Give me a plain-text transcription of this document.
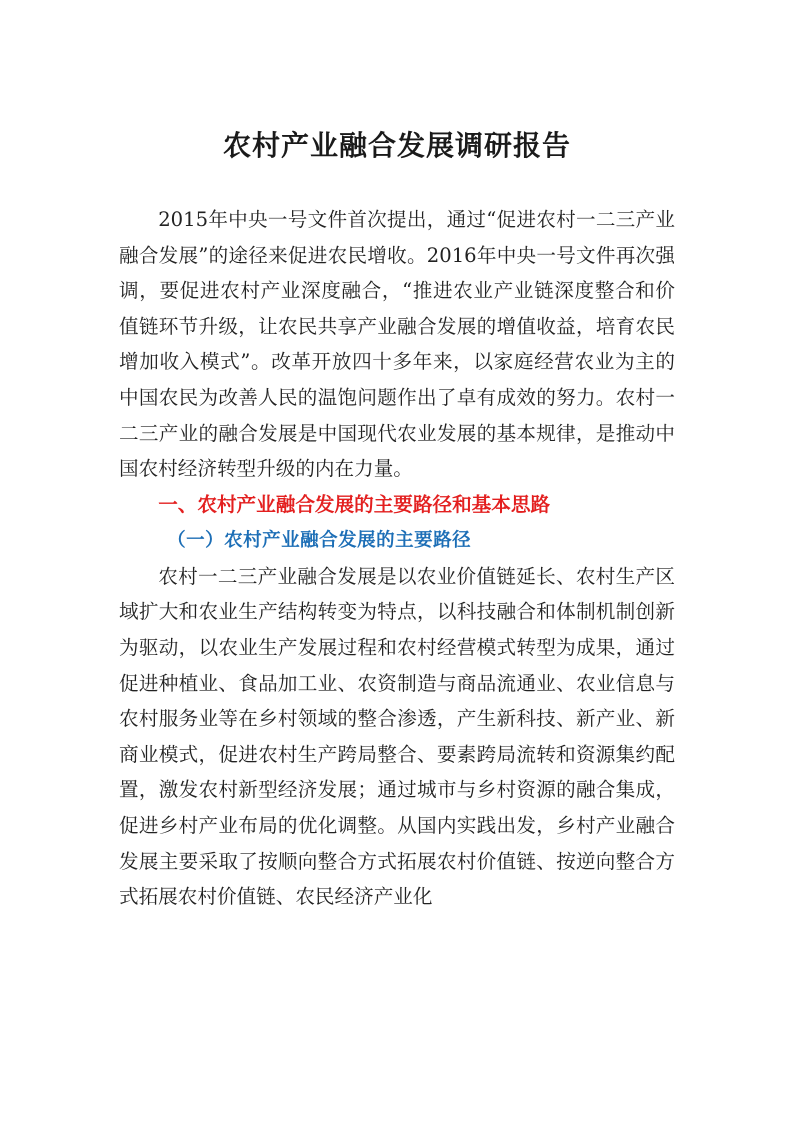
农村产业融合发展调研报告

2015年中央一号文件首次提出，通过“促进农村一二三产业融合发展”的途径来促进农民增收。2016年中央一号文件再次强调，要促进农村产业深度融合，“推进农业产业链深度整合和价值链环节升级，让农民共享产业融合发展的增值收益，培育农民增加收入模式”。改革开放四十多年来，以家庭经营农业为主的中国农民为改善人民的温饱问题作出了卓有成效的努力。农村一二三产业的融合发展是中国现代农业发展的基本规律，是推动中国农村经济转型升级的内在力量。

一、农村产业融合发展的主要路径和基本思路
（一）农村产业融合发展的主要路径

农村一二三产业融合发展是以农业价值链延长、农村生产区域扩大和农业生产结构转变为特点，以科技融合和体制机制创新为驱动，以农业生产发展过程和农村经营模式转型为成果，通过促进种植业、食品加工业、农资制造与商品流通业、农业信息与农村服务业等在乡村领域的整合渗透，产生新科技、新产业、新商业模式，促进农村生产跨局整合、要素跨局流转和资源集约配置，激发农村新型经济发展；通过城市与乡村资源的融合集成，促进乡村产业布局的优化调整。从国内实践出发，乡村产业融合发展主要采取了按顺向整合方式拓展农村价值链、按逆向整合方式拓展农村价值链、农民经济产业化
